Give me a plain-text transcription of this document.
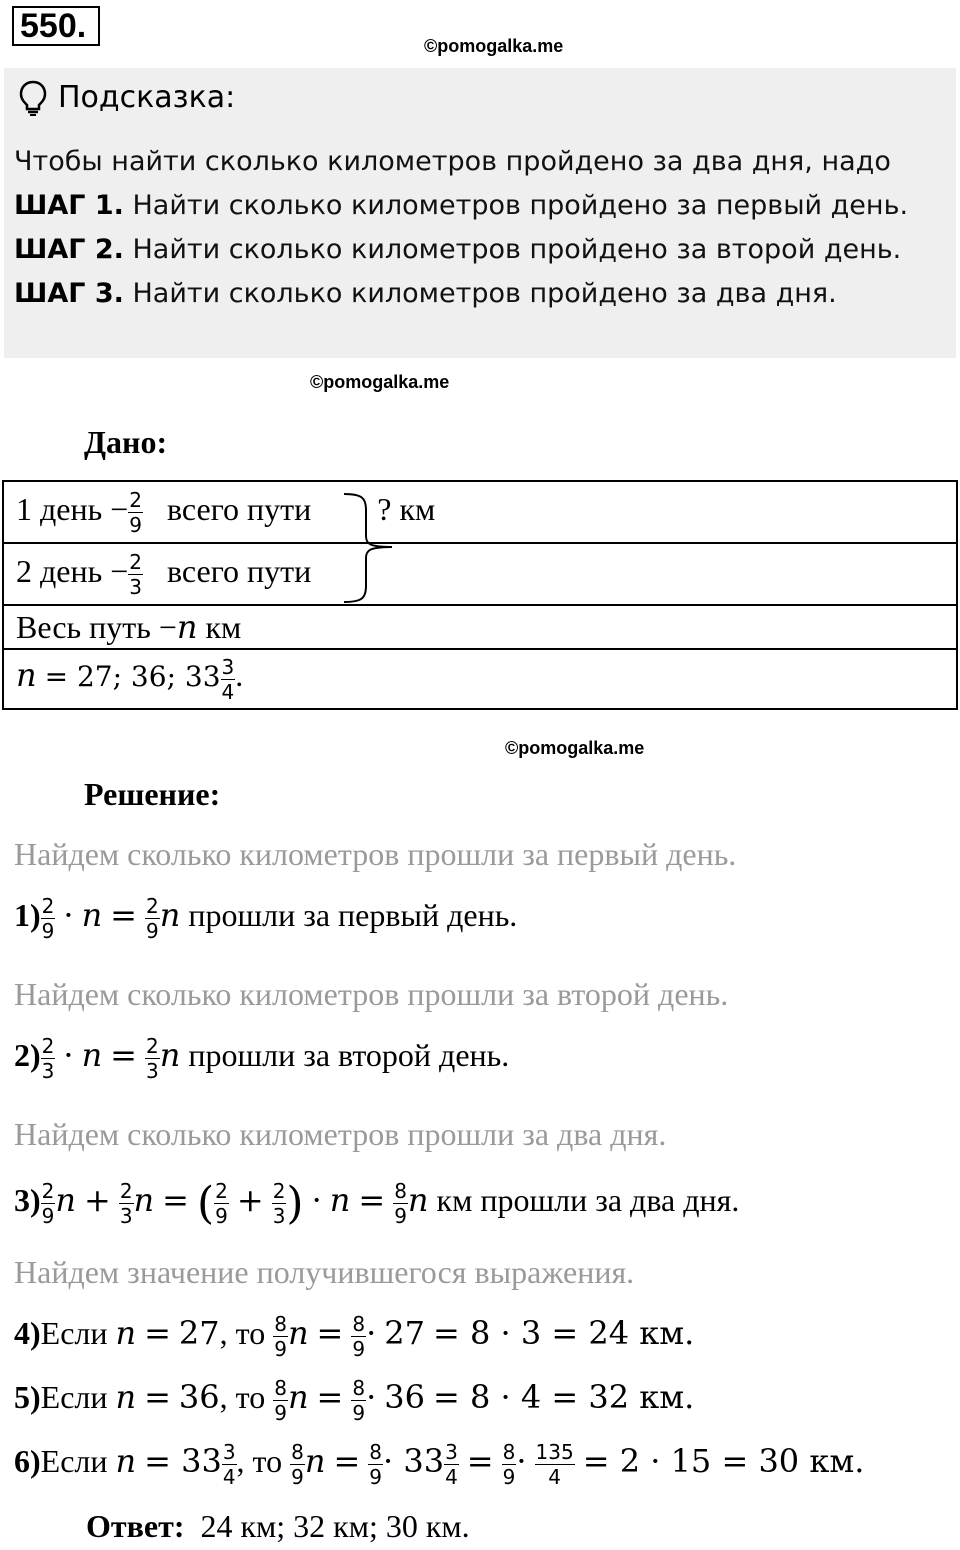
550.
©pomogalka.me
Подсказка:
Чтобы найти сколько километров пройдено за два дня, надо
ШАГ 1. Найти сколько километров пройдено за первый день.
ШАГ 2. Найти сколько километров пройдено за второй день.
ШАГ 3. Найти сколько километров пройдено за два дня.
©pomogalka.me
Дано:
1 день − $\frac{2}{9}$ всего пути ? км
2 день − $\frac{2}{3}$ всего пути
Весь путь −n км
n = 27; 36; $33 \frac{3}{4}$ .
©pomogalka.me
Решение:
Найдем сколько километров прошли за первый день.
$1) \frac{2}{9} \cdot n = \frac{2}{9}$ n прошли за первый день.
Найдем сколько километров прошли за второй день.
$2) \frac{2}{3} \cdot n = \frac{2}{3}$ n прошли за второй день.
Найдем сколько километров прошли за два дня.
$3) \frac{2}{9}$ $n + \frac{2}{3}$ n = ( $\frac{2}{9} + \frac{2}{3}$ ) · $n = \frac{8}{9}$ n км прошли за два дня.
Найдем значение получившегося выражения.
4)Если n = 27, то $\frac{8}{9}$ $n = \frac{8}{9} \cdot 27 = 8 \cdot 3 = 24$ км.
5)Если n = 36, то $\frac{8}{9}$ $n = \frac{8}{9} \cdot 36 = 8 \cdot 4 = 32$ км.
6)Если $n = 33 \frac{3}{4}$ , то $\frac{8}{9}$ $n = \frac{8}{9} \cdot 33 \frac{3}{4} = \frac{8}{9} \cdot \frac{135}{4} = 2 \cdot 15 = 30$ км.
Ответ: 24 км; 32 км; 30 км.
